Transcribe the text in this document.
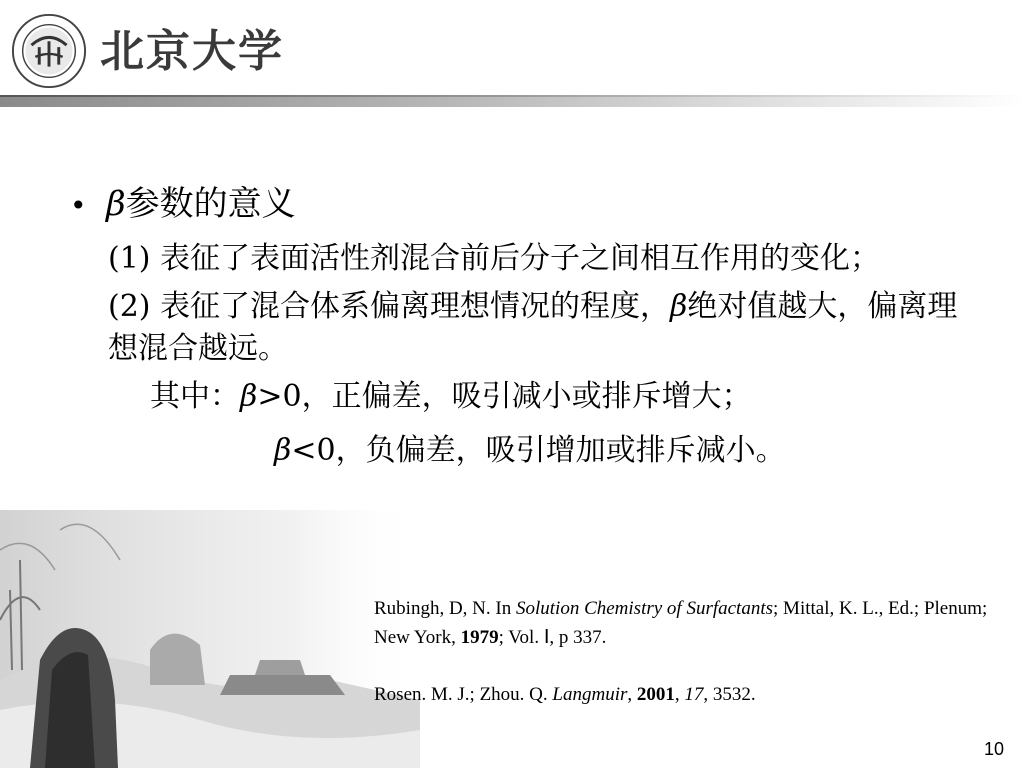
北京大学
• β 参数的意义
(1) 表征了表面活性剂混合前后分子之间相互作用的变化；
(2) 表征了混合体系偏离理想情况的程度，β绝对值越大，偏离理想混合越远。
其中：β>0，正偏差，吸引减小或排斥增大；
β<0，负偏差，吸引增加或排斥减小。

Rubingh, D, N. In Solution Chemistry of Surfactants; Mittal, K. L., Ed.; Plenum; New York, 1979; Vol. Ⅰ, p 337.

Rosen. M. J.; Zhou. Q. Langmuir, 2001, 17, 3532.

10
